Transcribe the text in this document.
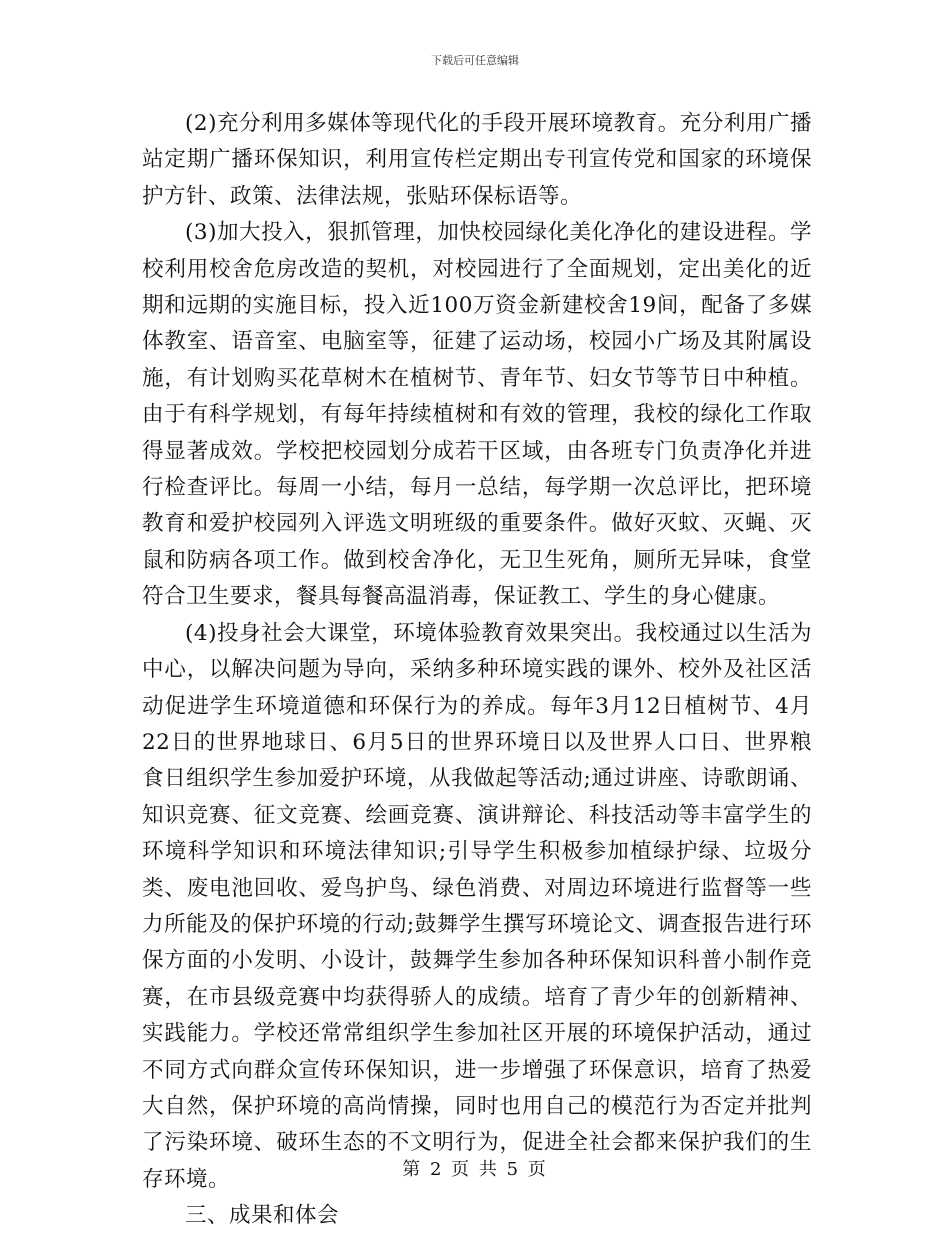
下载后可任意编辑

(2)充分利用多媒体等现代化的手段开展环境教育。充分利用广播站定期广播环保知识，利用宣传栏定期出专刊宣传党和国家的环境保护方针、政策、法律法规，张贴环保标语等。

(3)加大投入，狠抓管理，加快校园绿化美化净化的建设进程。学校利用校舍危房改造的契机，对校园进行了全面规划，定出美化的近期和远期的实施目标，投入近100万资金新建校舍19间，配备了多媒体教室、语音室、电脑室等，征建了运动场，校园小广场及其附属设施，有计划购买花草树木在植树节、青年节、妇女节等节日中种植。由于有科学规划，有每年持续植树和有效的管理，我校的绿化工作取得显著成效。学校把校园划分成若干区域，由各班专门负责净化并进行检查评比。每周一小结，每月一总结，每学期一次总评比，把环境教育和爱护校园列入评选文明班级的重要条件。做好灭蚊、灭蝇、灭鼠和防病各项工作。做到校舍净化，无卫生死角，厕所无异味，食堂符合卫生要求，餐具每餐高温消毒，保证教工、学生的身心健康。

(4)投身社会大课堂，环境体验教育效果突出。我校通过以生活为中心，以解决问题为导向，采纳多种环境实践的课外、校外及社区活动促进学生环境道德和环保行为的养成。每年3月12日植树节、4月22日的世界地球日、6月5日的世界环境日以及世界人口日、世界粮食日组织学生参加爱护环境，从我做起等活动;通过讲座、诗歌朗诵、知识竞赛、征文竞赛、绘画竞赛、演讲辩论、科技活动等丰富学生的环境科学知识和环境法律知识;引导学生积极参加植绿护绿、垃圾分类、废电池回收、爱鸟护鸟、绿色消费、对周边环境进行监督等一些力所能及的保护环境的行动;鼓舞学生撰写环境论文、调查报告进行环保方面的小发明、小设计，鼓舞学生参加各种环保知识科普小制作竞赛，在市县级竞赛中均获得骄人的成绩。培育了青少年的创新精神、实践能力。学校还常常组织学生参加社区开展的环境保护活动，通过不同方式向群众宣传环保知识，进一步增强了环保意识，培育了热爱大自然，保护环境的高尚情操，同时也用自己的模范行为否定并批判了污染环境、破环生态的不文明行为，促进全社会都来保护我们的生存环境。

三、成果和体会

第 2 页 共 5 页
